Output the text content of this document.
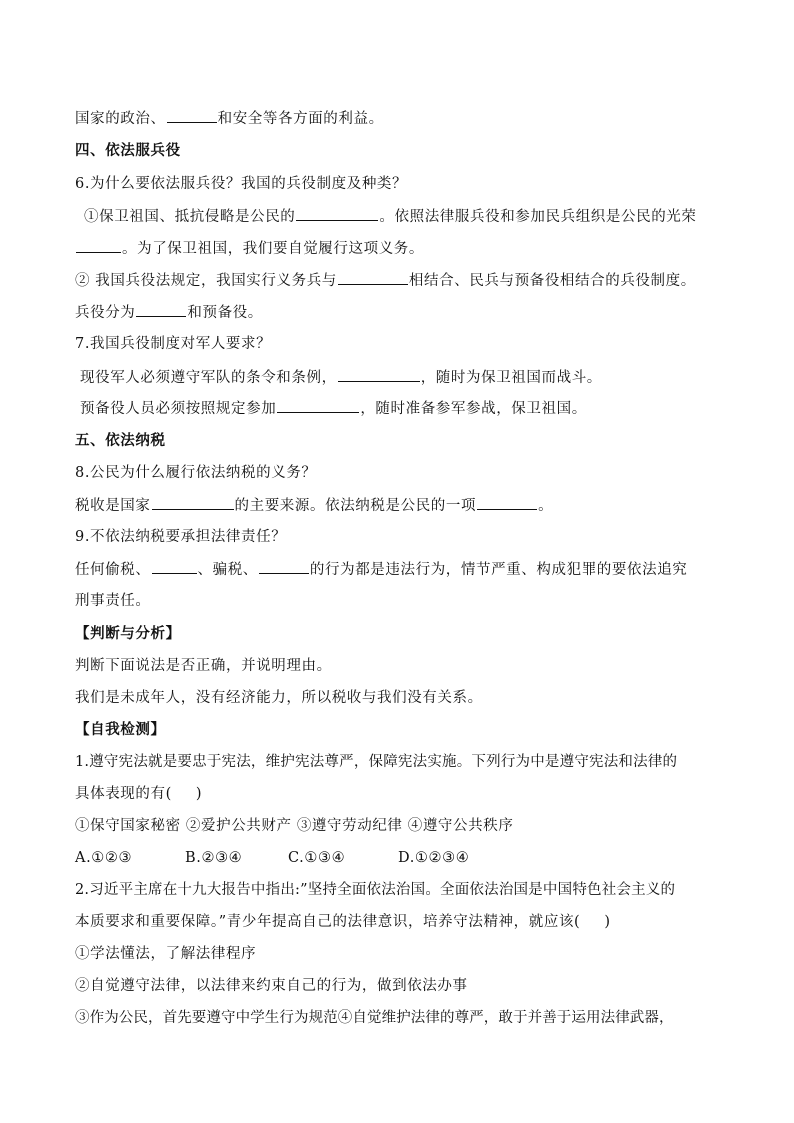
国家的政治、	和安全等各方面的利益。
四、依法服兵役
6.为什么要依法服兵役？我国的兵役制度及种类？
①保卫祖国、抵抗侵略是公民的	。依照法律服兵役和参加民兵组织是公民的光荣
。为了保卫祖国，我们要自觉履行这项义务。
② 我国兵役法规定，我国实行义务兵与	相结合、民兵与预备役相结合的兵役制度。
兵役分为	和预备役。
7.我国兵役制度对军人要求？
现役军人必须遵守军队的条令和条例，	，随时为保卫祖国而战斗。
预备役人员必须按照规定参加	，随时准备参军参战，保卫祖国。
五、依法纳税
8.公民为什么履行依法纳税的义务？
税收是国家	的主要来源。依法纳税是公民的一项	。
9.不依法纳税要承担法律责任？
任何偷税、	、骗税、	的行为都是违法行为，情节严重、构成犯罪的要依法追究
刑事责任。
【判断与分析】
判断下面说法是否正确，并说明理由。
我们是未成年人，没有经济能力，所以税收与我们没有关系。
【自我检测】
1.遵守宪法就是要忠于宪法，维护宪法尊严，保障宪法实施。下列行为中是遵守宪法和法律的
具体表现的有( )
①保守国家秘密 ②爱护公共财产 ③遵守劳动纪律 ④遵守公共秩序
A.①②③	B.②③④	C.①③④	D.①②③④
2.习近平主席在十九大报告中指出:”坚持全面依法治国。全面依法治国是中国特色社会主义的
本质要求和重要保障。”青少年提高自己的法律意识，培养守法精神，就应该( )
①学法懂法，了解法律程序
②自觉遵守法律，以法律来约束自己的行为，做到依法办事
③作为公民，首先要遵守中学生行为规范④自觉维护法律的尊严，敢于并善于运用法律武器，
